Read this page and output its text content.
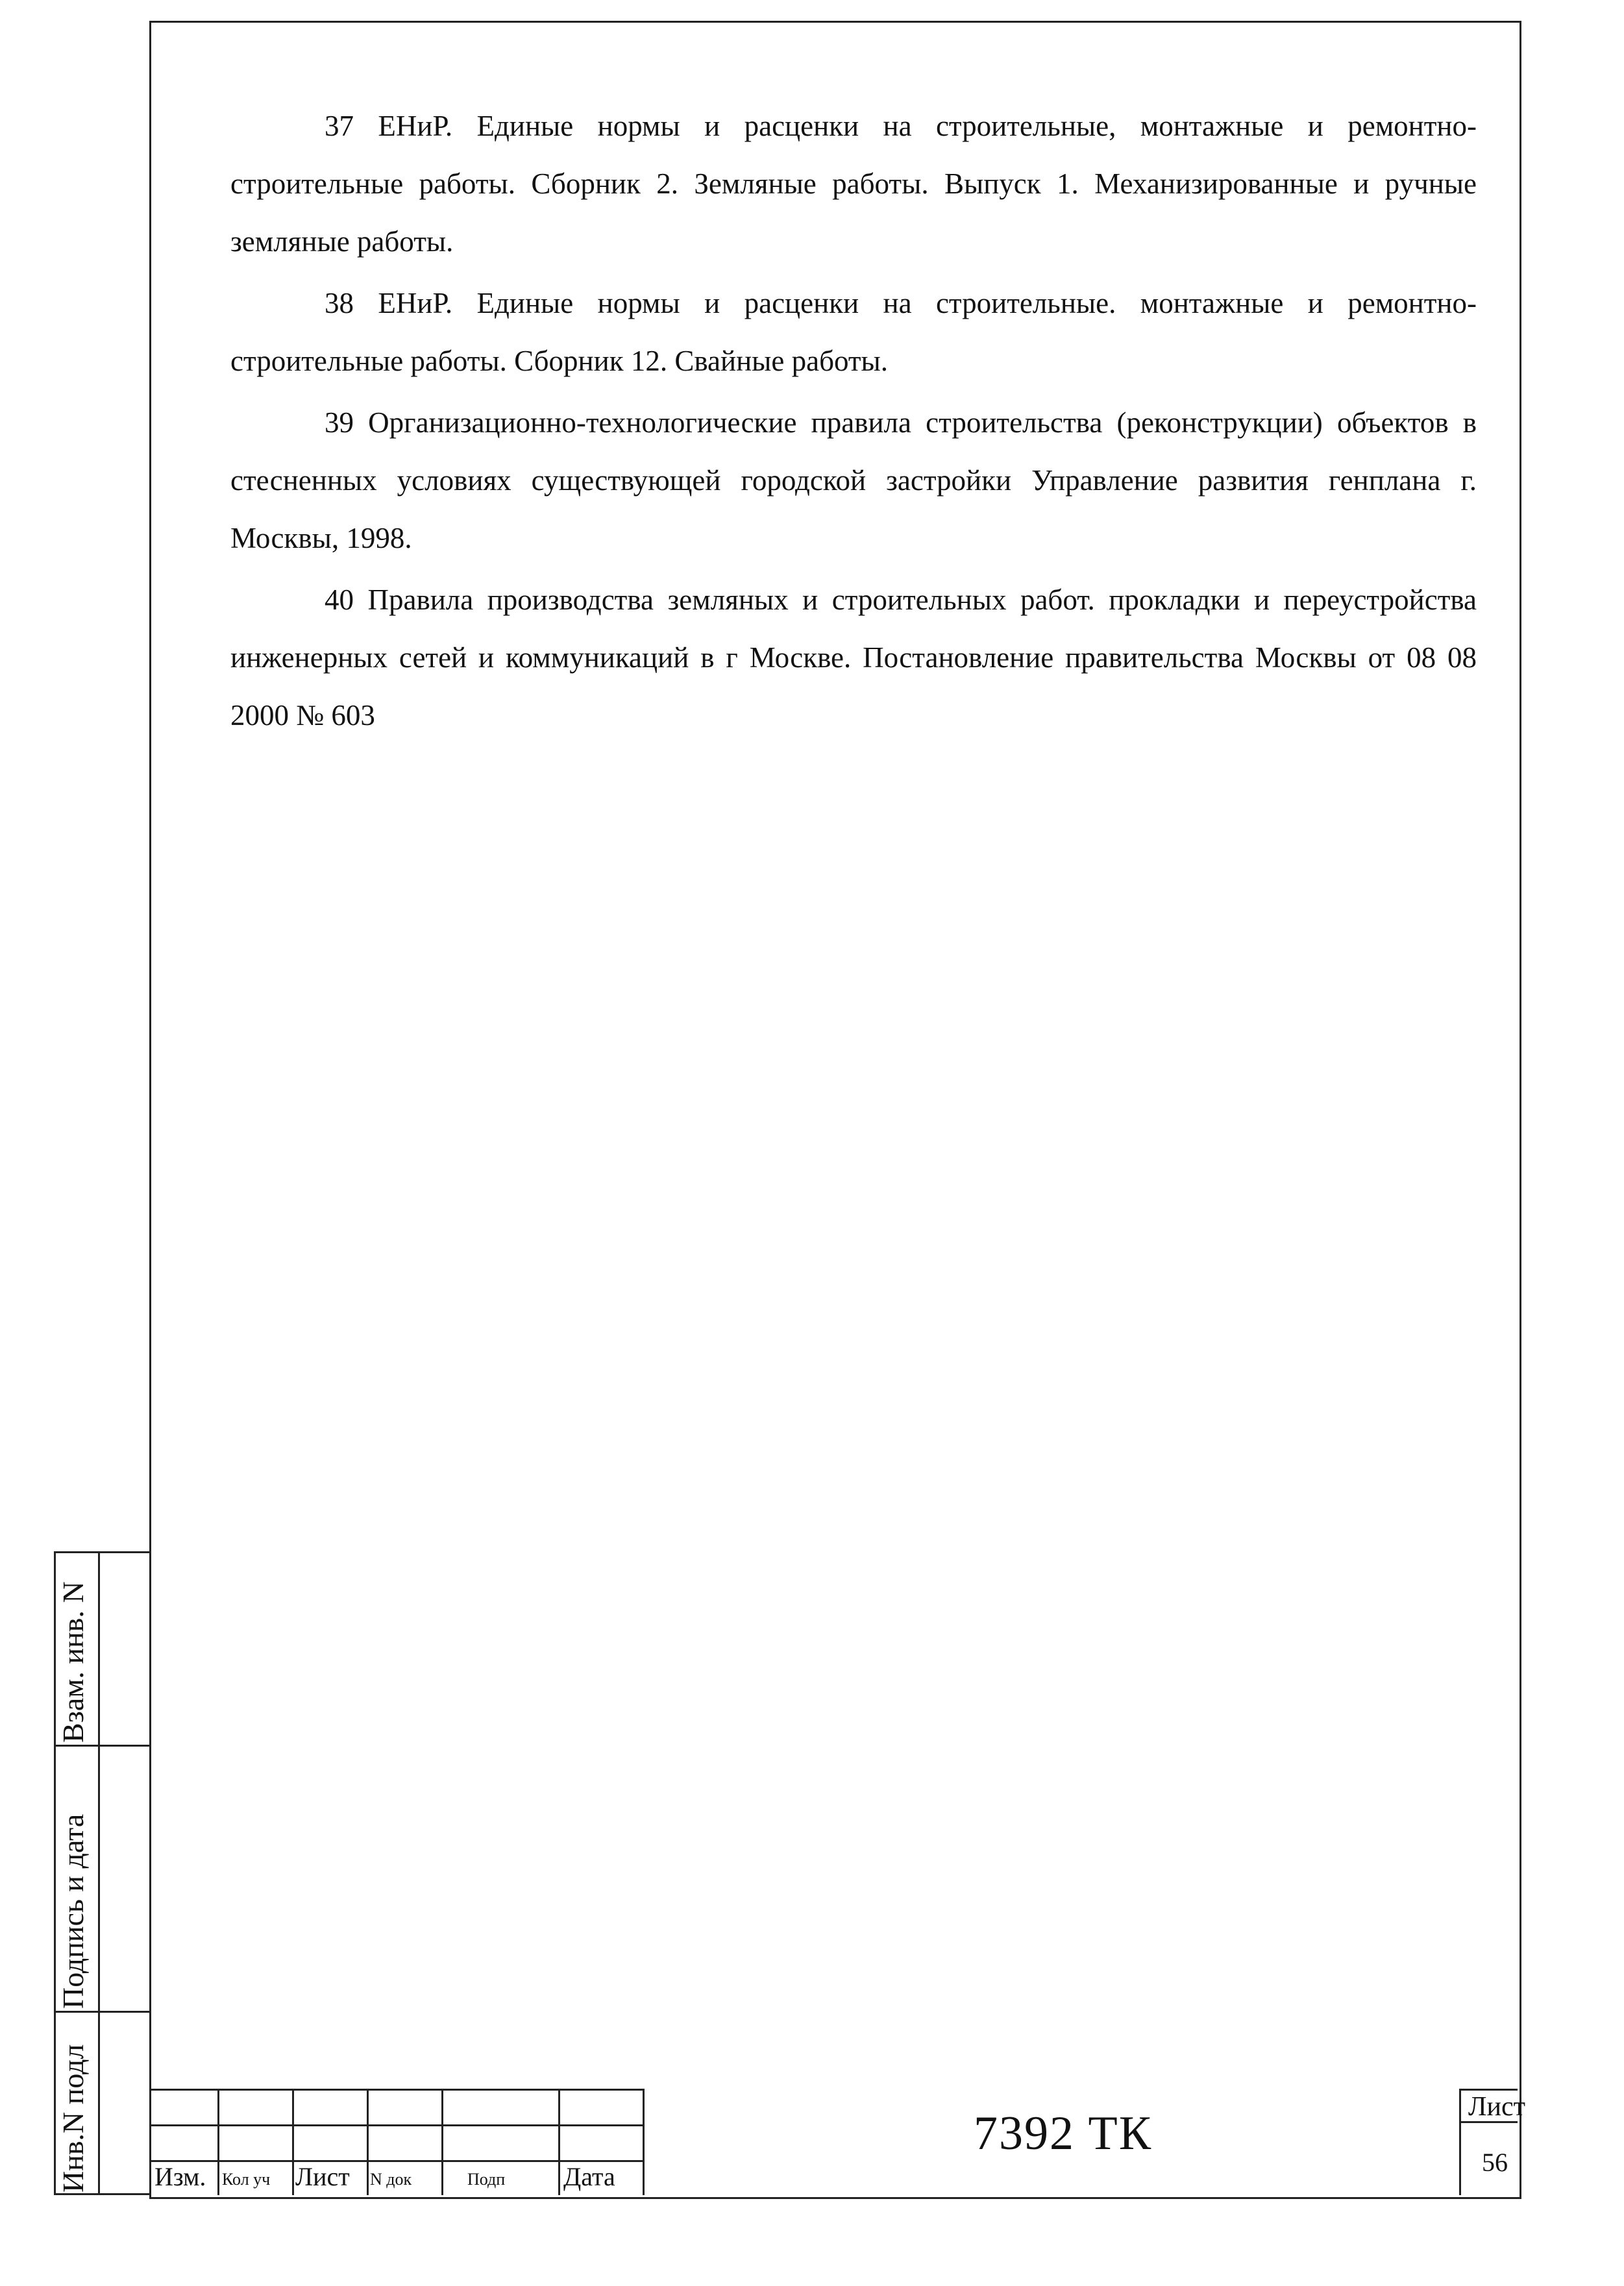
37 ЕНиР. Единые нормы и расценки на строительные, монтажные и ремонтно-строительные работы. Сборник 2. Земляные работы. Выпуск 1. Механизированные и ручные земляные работы.

38 ЕНиР. Единые нормы и расценки на строительные. монтажные и ремонтно-строительные работы. Сборник 12. Свайные работы.

39 Организационно-технологические правила строительства (реконструкции) объектов в стесненных условиях существующей городской застройки Управление развития генплана г. Москвы, 1998.

40 Правила производства земляных и строительных работ. прокладки и переустройства инженерных сетей и коммуникаций в г Москве. Постановление правительства Москвы от 08 08 2000 № 603

Взам. инв. N
Подпись и дата
Инв.N подл	Изм. Кол уч Лист N док	Подп Дата
7392 ТК	Лист
56
